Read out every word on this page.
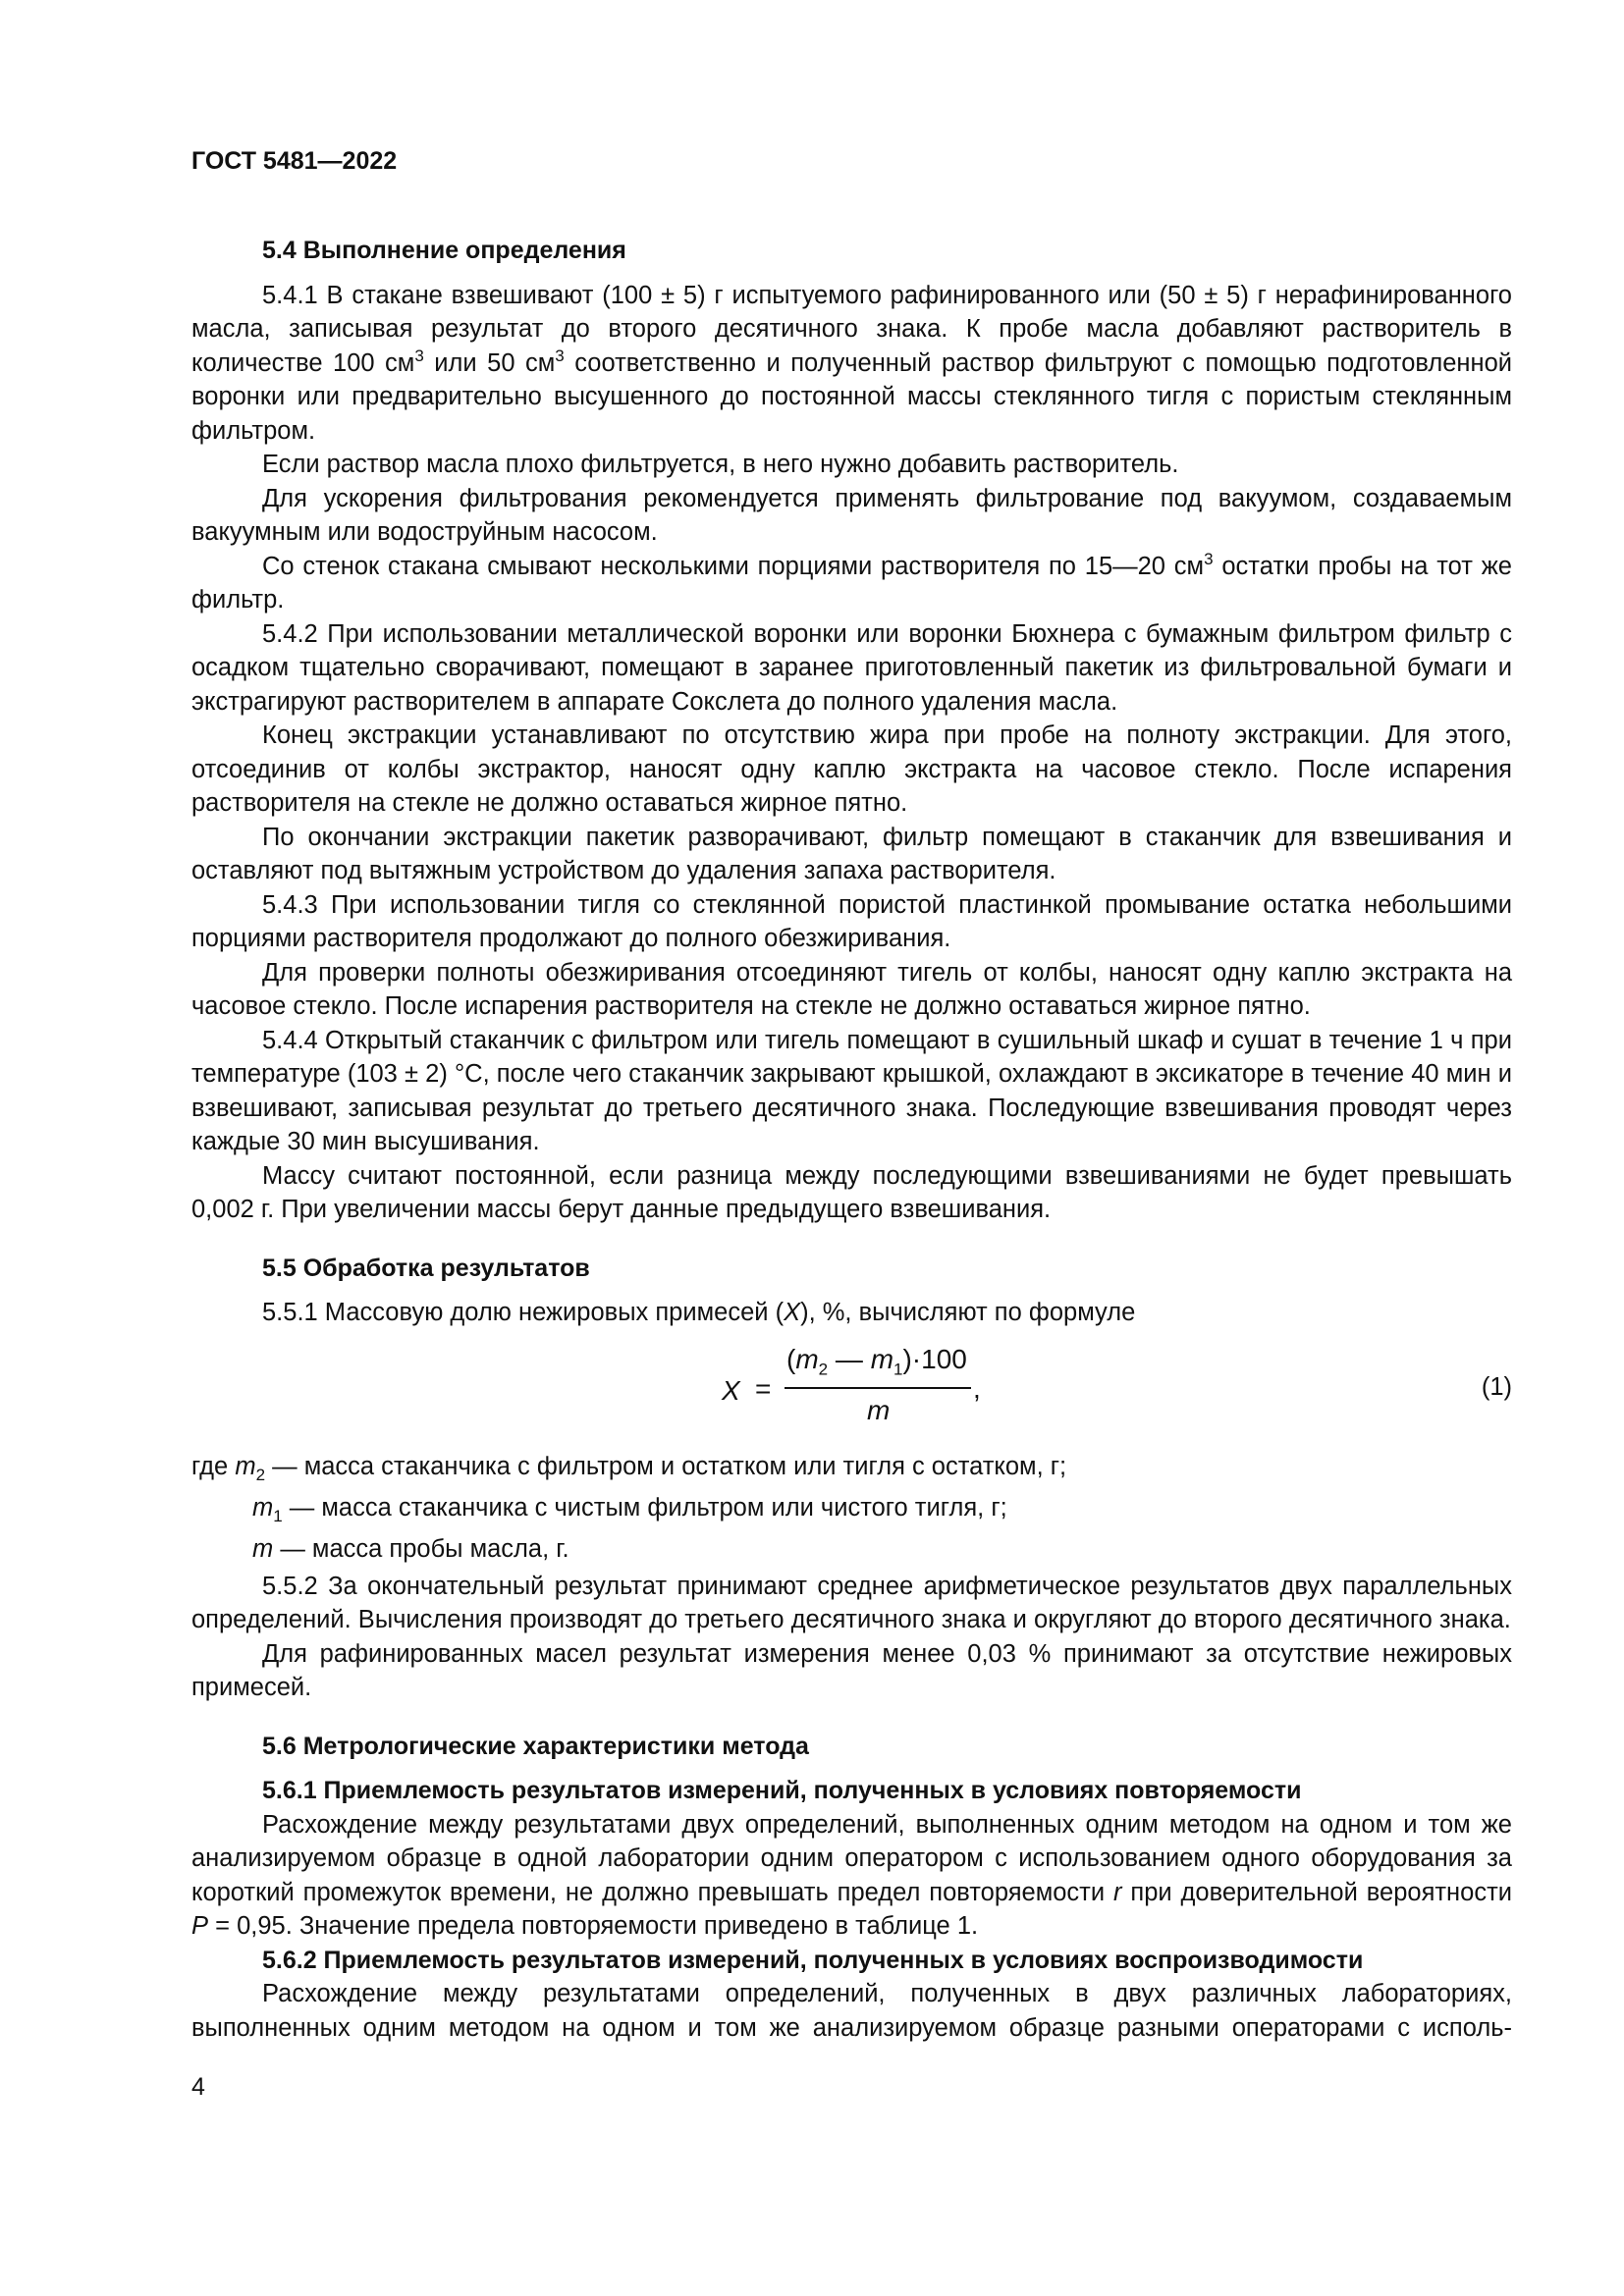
ГОСТ 5481—2022
5.4 Выполнение определения

5.4.1 В стакане взвешивают (100 ± 5) г испытуемого рафинированного или (50 ± 5) г нерафинированного масла, записывая результат до второго десятичного знака. К пробе масла добавляют растворитель в количестве 100 $см^3$ или 50 $см^3$ соответственно и полученный раствор фильтруют с помощью подготовленной воронки или предварительно высушенного до постоянной массы стеклянного тигля с пористым стеклянным фильтром.

Если раствор масла плохо фильтруется, в него нужно добавить растворитель.

Для ускорения фильтрования рекомендуется применять фильтрование под вакуумом, создаваемым вакуумным или водоструйным насосом.

Со стенок стакана смывают несколькими порциями растворителя по 15—20 $см^3$ остатки пробы на тот же фильтр.

5.4.2 При использовании металлической воронки или воронки Бюхнера с бумажным фильтром фильтр с осадком тщательно сворачивают, помещают в заранее приготовленный пакетик из фильтровальной бумаги и экстрагируют растворителем в аппарате Сокслета до полного удаления масла.

Конец экстракции устанавливают по отсутствию жира при пробе на полноту экстракции. Для этого, отсоединив от колбы экстрактор, наносят одну каплю экстракта на часовое стекло. После испарения растворителя на стекле не должно оставаться жирное пятно.

По окончании экстракции пакетик разворачивают, фильтр помещают в стаканчик для взвешивания и оставляют под вытяжным устройством до удаления запаха растворителя.

5.4.3 При использовании тигля со стеклянной пористой пластинкой промывание остатка небольшими порциями растворителя продолжают до полного обезжиривания.

Для проверки полноты обезжиривания отсоединяют тигель от колбы, наносят одну каплю экстракта на часовое стекло. После испарения растворителя на стекле не должно оставаться жирное пятно.

5.4.4 Открытый стаканчик с фильтром или тигель помещают в сушильный шкаф и сушат в течение 1 ч при температуре (103 ± 2) °C, после чего стаканчик закрывают крышкой, охлаждают в эксикаторе в течение 40 мин и взвешивают, записывая результат до третьего десятичного знака. Последующие взвешивания проводят через каждые 30 мин высушивания.

Массу считают постоянной, если разница между последующими взвешиваниями не будет превышать 0,002 г. При увеличении массы берут данные предыдущего взвешивания.

5.5 Обработка результатов

5.5.1 Массовую долю нежировых примесей (X), %, вычисляют по формуле

X =
($m_2$ — $m_1)\cdot 100$
m
,	(1)
где $m_2$ — масса стаканчика с фильтром и остатком или тигля с остатком, г;
$m_1$ — масса стаканчика с чистым фильтром или чистого тигля, г;
m — масса пробы масла, г.

5.5.2 За окончательный результат принимают среднее арифметическое результатов двух параллельных определений. Вычисления производят до третьего десятичного знака и округляют до второго десятичного знака.

Для рафинированных масел результат измерения менее 0,03 % принимают за отсутствие нежировых примесей.

5.6 Метрологические характеристики метода
5.6.1 Приемлемость результатов измерений, полученных в условиях повторяемости

Расхождение между результатами двух определений, выполненных одним методом на одном и том же анализируемом образце в одной лаборатории одним оператором с использованием одного оборудования за короткий промежуток времени, не должно превышать предел повторяемости r при доверительной вероятности P = 0,95. Значение предела повторяемости приведено в таблице 1.

5.6.2 Приемлемость результатов измерений, полученных в условиях воспроизводимости

Расхождение между результатами определений, полученных в двух различных лабораториях, выполненных одним методом на одном и том же анализируемом образце разными операторами с исполь-

4
